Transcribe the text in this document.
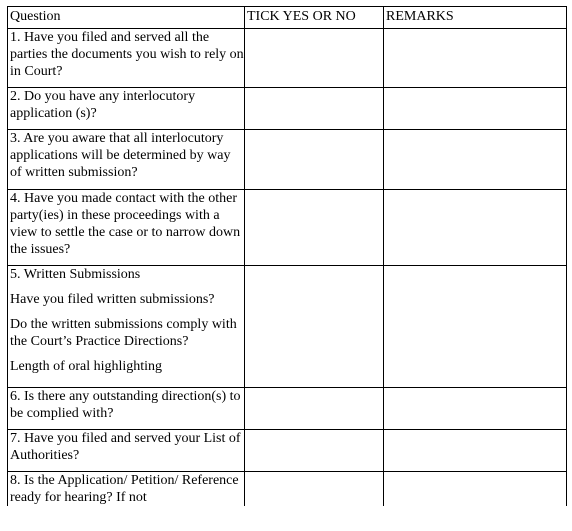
Question	TICK YES OR NO	REMARKS
1. Have you filed and served all the parties the documents you wish to rely on in Court?		
2. Do you have any interlocutory application (s)?		
3. Are you aware that all interlocutory applications will be determined by way of written submission?		
4. Have you made contact with the other party(ies) in these proceedings with a view to settle the case or to narrow down the issues?		

5. Written Submissions

Have you filed written submissions?

Do the written submissions comply with the Court’s Practice Directions?

Length of oral highlighting		

6. Is there any outstanding direction(s) to be complied with?		
7. Have you filed and served your List of Authorities?		
8. Is the Application/ Petition/ Reference ready for hearing? If not		
